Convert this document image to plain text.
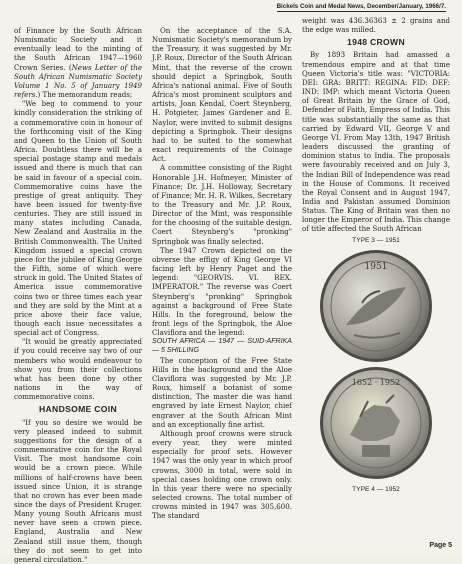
Bickels Coin and Medal News, December/January, 1966/7.

of Finance by the South African Numismatic Society and it eventually lead to the minting of the South African 1947—1960 Crown Series. (News Letter of the South African Numismatic Society Volume 1 No. 5 of January 1949 refers.) The memorandum reads;

"We beg to commend to your kindly consideration the striking of a commemorative coin in honour of the forthcoming visit of the King and Queen to the Union of South Africa. Doubtless there will be a special postage stamp and medals issued and there is much that can be said in favour of a special coin. Commemorative coins have the prestige of great antiquity. They have been issued for twenty-five centuries. They are still issued in many states including Canada, New Zealand and Australia in the British Commonwealth. The United Kingdom issued a special crown piece for the jubilee of King George the Fifth, some of which were struck in gold. The United States of America issue commemorative coins two or three times each year and they are sold by the Mint at a price above their face value, though each issue necessitates a special act of Congress.

"It would be greatly appreciated if you could receive say two of our members who would endeavour to show you from their collections what has been done by other nations in the way of commemorative coins.

HANDSOME COIN

"If you so desire we would be very pleased indeed to submit suggestions for the design of a commemorative coin for the Royal Visit. The most handsome coin would be a crown piece. While millions of half-crowns have been issued since Union, it is strange that no crown has ever been made since the days of President Kruger. Many young South Africans must never have seen a crown piece. England, Australia and New Zealand still issue them, though they do not seem to get into general circulation."

On the acceptance of the S.A. Numismatic Society's memorandum by the Treasury, it was suggested by Mr. J.P. Roux, Director of the South African Mint, that the reverse of the crown should depict a Springbok, South Africa's national animal. Five of South Africa's most prominent sculptors and artists, Joan Kendal, Coert Steynberg, H. Potgieter, James Gardener and E. Naylor, were invited to submit designs depicting a Springbok. Their designs had to be suited to the somewhat exact requirements of the Coinage Act.

A committee consisting of the Right Honorable J.H. Hofmeyer, Minister of Finance; Dr. J.H. Holloway, Secretary of Finance; Mr. H. R. Wilkes, Secretary to the Treasury and Mr. J.P. Roux, Director of the Mint, was responsible for the choosing of the suitable design. Coert Steynberg's "pronking" Springbok was finally selected.

The 1947 Crown depicted on the obverse the effigy of King George VI facing left by Henry Paget and the legend: "GEORVIS. VI. REX. IMPERATOR." The reverse was Coert Steynberg's "pronking" Springbok against a background of Free State Hills. In the foreground, below the front legs of the Springbok, the Aloe Claviflora and the legend:

SOUTH AFRICA — 1947 — SUID-AFRIKA — 5 SHILLING

The conception of the Free State Hills in the background and the Aloe Claviflora was suggested by Mr. J.P. Roux, himself a botanist of some distinction, The master die was hand engraved by late Ernest Naylor, chief engraver at the South African Mint and an exceptionally fine artist.

Although proof crowns were struck every year, they were minted especially for proof sets. However 1947 was the only year in which proof crowns, 3000 in total, were sold in special cases holding one crown only. In this year there were no specially selected crowns. The total number of crowns minted in 1947 was 305,600. The standard

weight was 436.36363 ± 2 grains and the edge was milled.

1948 CROWN

By 1893 Britain had amassed a tremendous empire and at that time Queen Victoria's title was: "VICTORIA: DEI: GRA: BRITT: REGINA: FID: DEF: IND: IMP: which meant Victoria Queen of Great Britain by the Grace of God, Defender of Faith, Empress of India. This title was substantially the same as that carried by Edward VII, George V and George VI. From May 13th, 1947 British leaders discussed the granting of dominion status to India. The proposals were favourably received and on July 3, the Indian Bill of Independence was read in the House of Commons. It received the Royal Consent and in August 1947, India and Pakistan assumed Dominion Status. The King of Britain was then no longer the Emperor of India. This change of title affected the South African

TYPE 3 — 1951
1951
1652 · 1952
TYPE 4 — 1952
Page 5
